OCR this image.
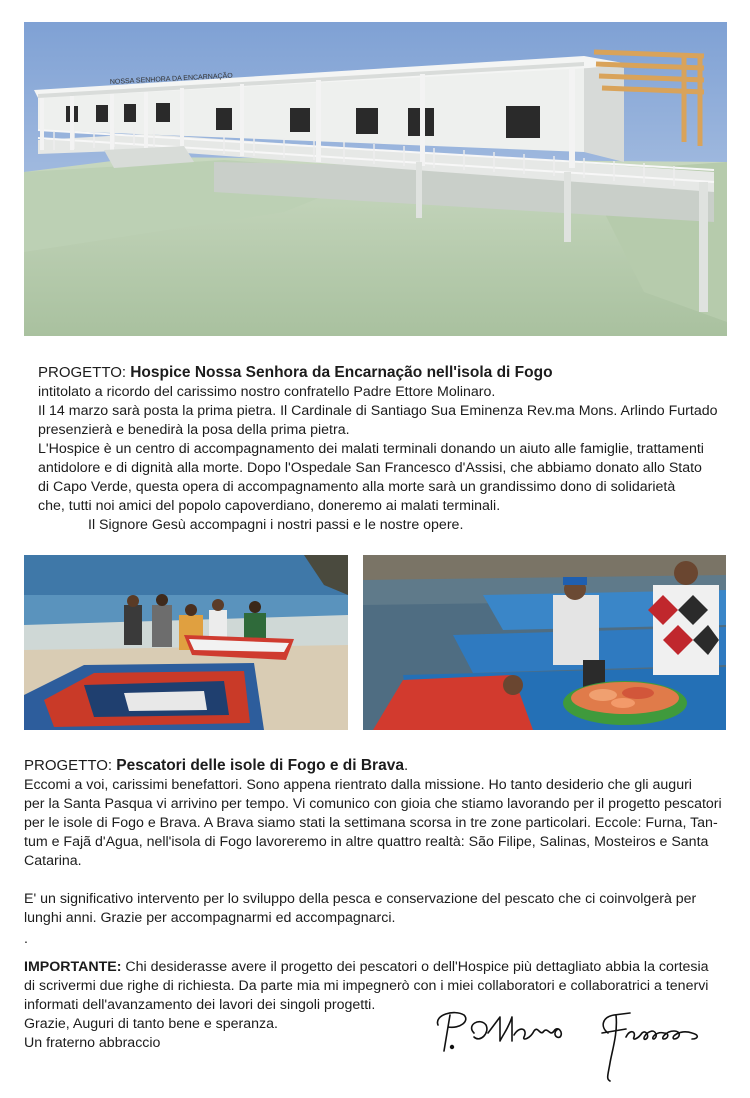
NOSSA SENHORA DA ENCARNAÇÃO

PROGETTO: Hospice Nossa Senhora da Encarnação nell'isola di Fogo

intitolato a ricordo del carissimo nostro confratello Padre Ettore Molinaro.

Il 14 marzo sarà posta la prima pietra. Il Cardinale di Santiago Sua Eminenza Rev.ma Mons. Arlindo Furtado

presenzierà e benedirà la posa della prima pietra.

L'Hospice è un centro di accompagnamento dei malati terminali donando un aiuto alle famiglie, trattamenti

antidolore e di dignità alla morte. Dopo l'Ospedale San Francesco d'Assisi, che abbiamo donato allo Stato

di Capo Verde, questa opera di accompagnamento alla morte sarà un grandissimo dono di solidarietà

che, tutti noi amici del popolo capoverdiano, doneremo ai malati terminali.

Il Signore Gesù accompagni i nostri passi e le nostre opere.

PROGETTO: Pescatori delle isole di Fogo e di Brava.

Eccomi a voi, carissimi benefattori. Sono appena rientrato dalla missione. Ho tanto desiderio che gli auguri

per la Santa Pasqua vi arrivino per tempo. Vi comunico con gioia che stiamo lavorando per il progetto pescatori

per le isole di Fogo e Brava. A Brava siamo stati la settimana scorsa in tre zone particolari. Eccole: Furna, Tan-

tum e Fajã d'Agua, nell'isola di Fogo lavoreremo in altre quattro realtà: São Filipe, Salinas, Mosteiros e Santa

Catarina.

E' un significativo intervento per lo sviluppo della pesca e conservazione del pescato che ci coinvolgerà per

lunghi anni. Grazie per accompagnarmi ed accompagnarci.

.

IMPORTANTE: Chi desiderasse avere il progetto dei pescatori o dell'Hospice più dettagliato abbia la cortesia

di scrivermi due righe di richiesta. Da parte mia mi impegnerò con i miei collaboratori e collaboratrici a tenervi

informati dell'avanzamento dei lavori dei singoli progetti.

Grazie, Auguri di tanto bene e speranza.

Un fraterno abbraccio
